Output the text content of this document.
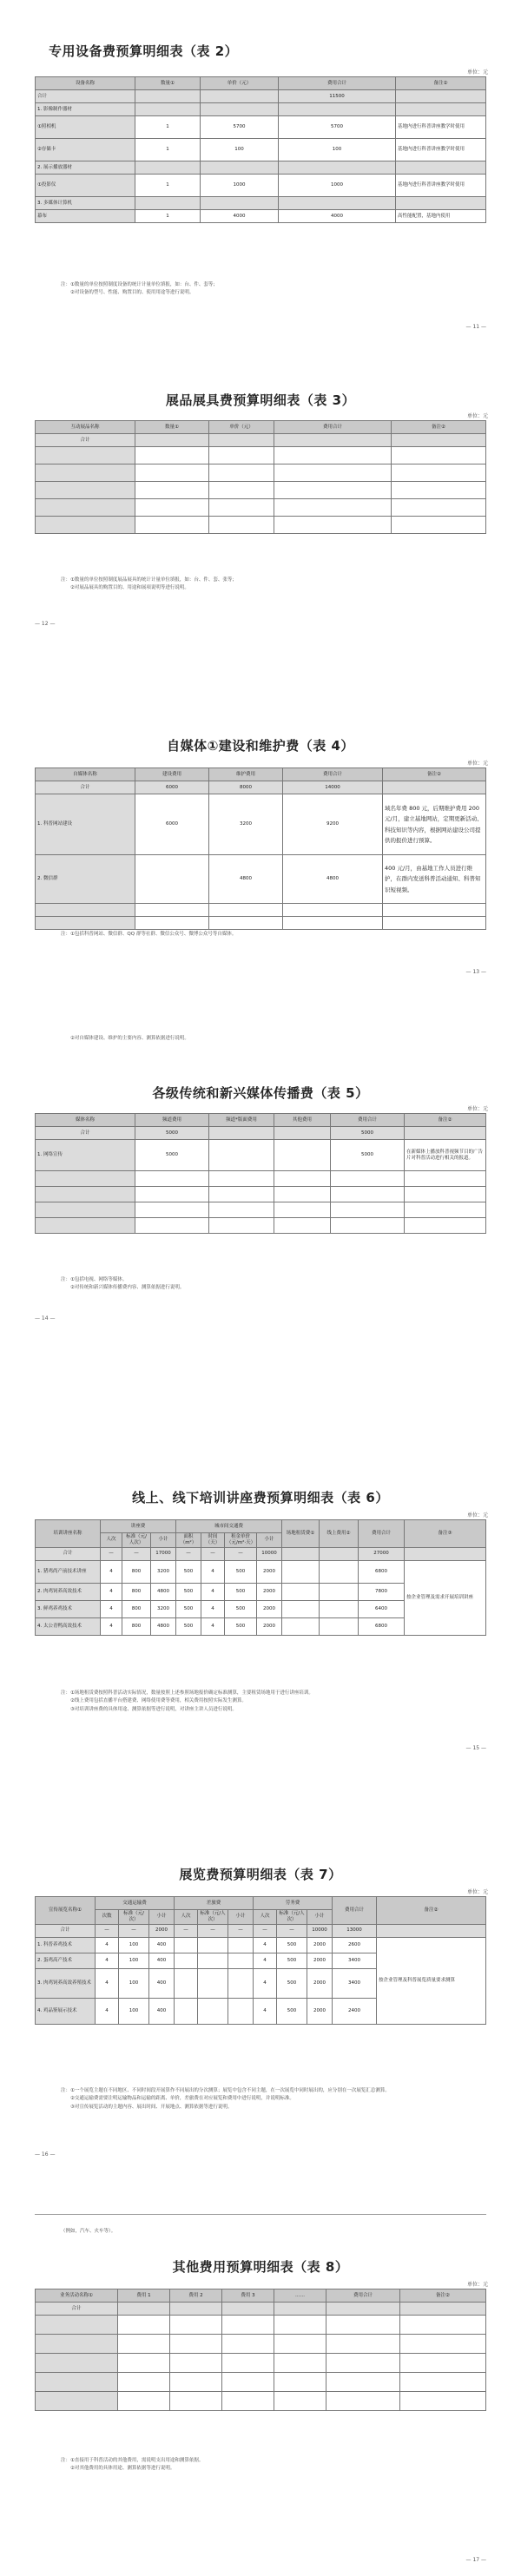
专用设备费预算明细表（表 2）

单位：元
设备名称	数量①	单价（元）	费用合计	备注②
合计			11500	
1. 影像制作器材				
①照相机	1	5700	5700	基地内进行科普讲座教学时使用
②存储卡	1	100	100	基地内进行科普讲座教学时使用
2. 展示播放器材				
①投影仪	1	1000	1000	基地内进行科普讲座教学时使用
3. 多媒体计算机				
幕布	1	4000	4000	高性能配置，基地内使用
注：①数量的单位按照制度设备的统计计量单位填报，如：台、件、套等；
②对设备的型号、性能、购置目的、使用用途等进行说明。
— 11 —

展品展具费预算明细表（表 3）

单位：元
互动展品名称	数量①	单价（元）	费用合计	备注②
合计				

注：①数量的单位按照制度展品展具的统计计量单位填报，如：台、件、套、张等；
②对展品展具的购置目的、用途和展项说明等进行说明。
— 12 —

自媒体①建设和维护费（表 4）

单位：元
自媒体名称	建设费用	维护费用	费用合计	备注②
合计	6000	8000	14000	
1. 科普网站建设	6000	3200	9200	域名年费 800 元，后期维护费用 200 元/月，建立基地网站，定期更新活动、科技知识等内容，根据网站建设公司提供的报价进行预算。
2. 微信群		4800	4800	400 元/月，由基地工作人员进行维护，在群内发送科普活动通知、科普知识短视频。

注：①包括科普网站、微信群、QQ 群等社群、微信公众号、微博公众号等自媒体。
— 13 —
②对自媒体建设、维护的主要内容、测算依据进行说明。

各级传统和新兴媒体传播费（表 5）

单位：元
媒体名称	频道费用	频道*版面费用	其他费用	费用合计	备注②
合计	5000			5000	
1. 网络宣传	5000			5000	在新媒体上播放科普视频节目的广告片对科普活动进行相关的报道。

注：①包括电视、网络等媒体。
②对传统和新兴媒体传播费内容、测算依据进行说明。
— 14 —

线上、线下培训讲座费预算明细表（表 6）

单位：元
培训讲座名称	讲座费			城市间交通费				场地租赁费①	线上费用②	费用合计	备注③
	人次	标准（元/人次）	小计	面积（m²）	时间（天）	租金单价（元/m²·天）	小计				
合计	—	—	17000	—	—	—	10000			27000	
1. 猪鸡尚产前技术讲座	4	800	3200	500	4	500	2000			6800	按企业管理及需求开展培训讲座
2. 肉鸡饲养高效技术	4	800	4800	500	4	500	2000			7800	
3. 鲜鸡养鸡技术	4	800	3200	500	4	500	2000			6400	
4. 太公青鸭高效技术	4	800	4800	500	4	500	2000			6800	
注：①场地租赁费按照科普活动实际情况，数量按照上述参照场地报价确定标准测算，主要租赁场地用于进行讲座培训。
②线上费用包括直播平台搭建费、网络使用费等费用，相关费用按照实际发生测算。
③对培训讲座费的具体用途、测算依据等进行说明，对讲座主讲人员进行说明。
— 15 —

展览费预算明细表（表 7）

单位：元
宣传展览名称①	交通运输费			差旅费			劳务费			费用合计	备注②
	次数	标准（元/次）	小计	人次	标准（元/人次）	小计	人次	标准（元/人次）	小计		
合计	—	—	2000	—	—	—	—	—	10000	13000	
1. 科普养鸡技术	4	100	400				4	500	2000	2600	按企业管理及科普展览质量要求测算
2. 蛋鸡高产技术	4	100	400				4	500	2000	3400	
3. 肉鸡饲养高效养殖技术	4	100	400				4	500	2000	3400	
4. 鸡品鉴展示技术	4	100	400				4	500	2000	2400	
注：①一个展览主题在不同地区、不同时间段开展算作不同展出的分次测算；展览中包含不同主题，在一次展览中同时展出的，应分别在一次展览汇总测算。
②交通运输费需要注明运输物品和运输的距离、单价，差旅费在对应展览和费用中进行说明，并说明标准。
③对宣传展览活动的主题内容、展出时间、开展地点、测算依据等进行说明。
— 16 —
（例如，汽车、火车等）。

其他费用预算明细表（表 8）

单位：元
业务活动名称①	费用 1	费用 2	费用 3	……	费用合计	备注②
合计						

注：①直接用于科普活动的其他费用，需说明支出用途和测算依据。
②对其他费用的具体用途、测算依据等进行说明。
— 17 —
